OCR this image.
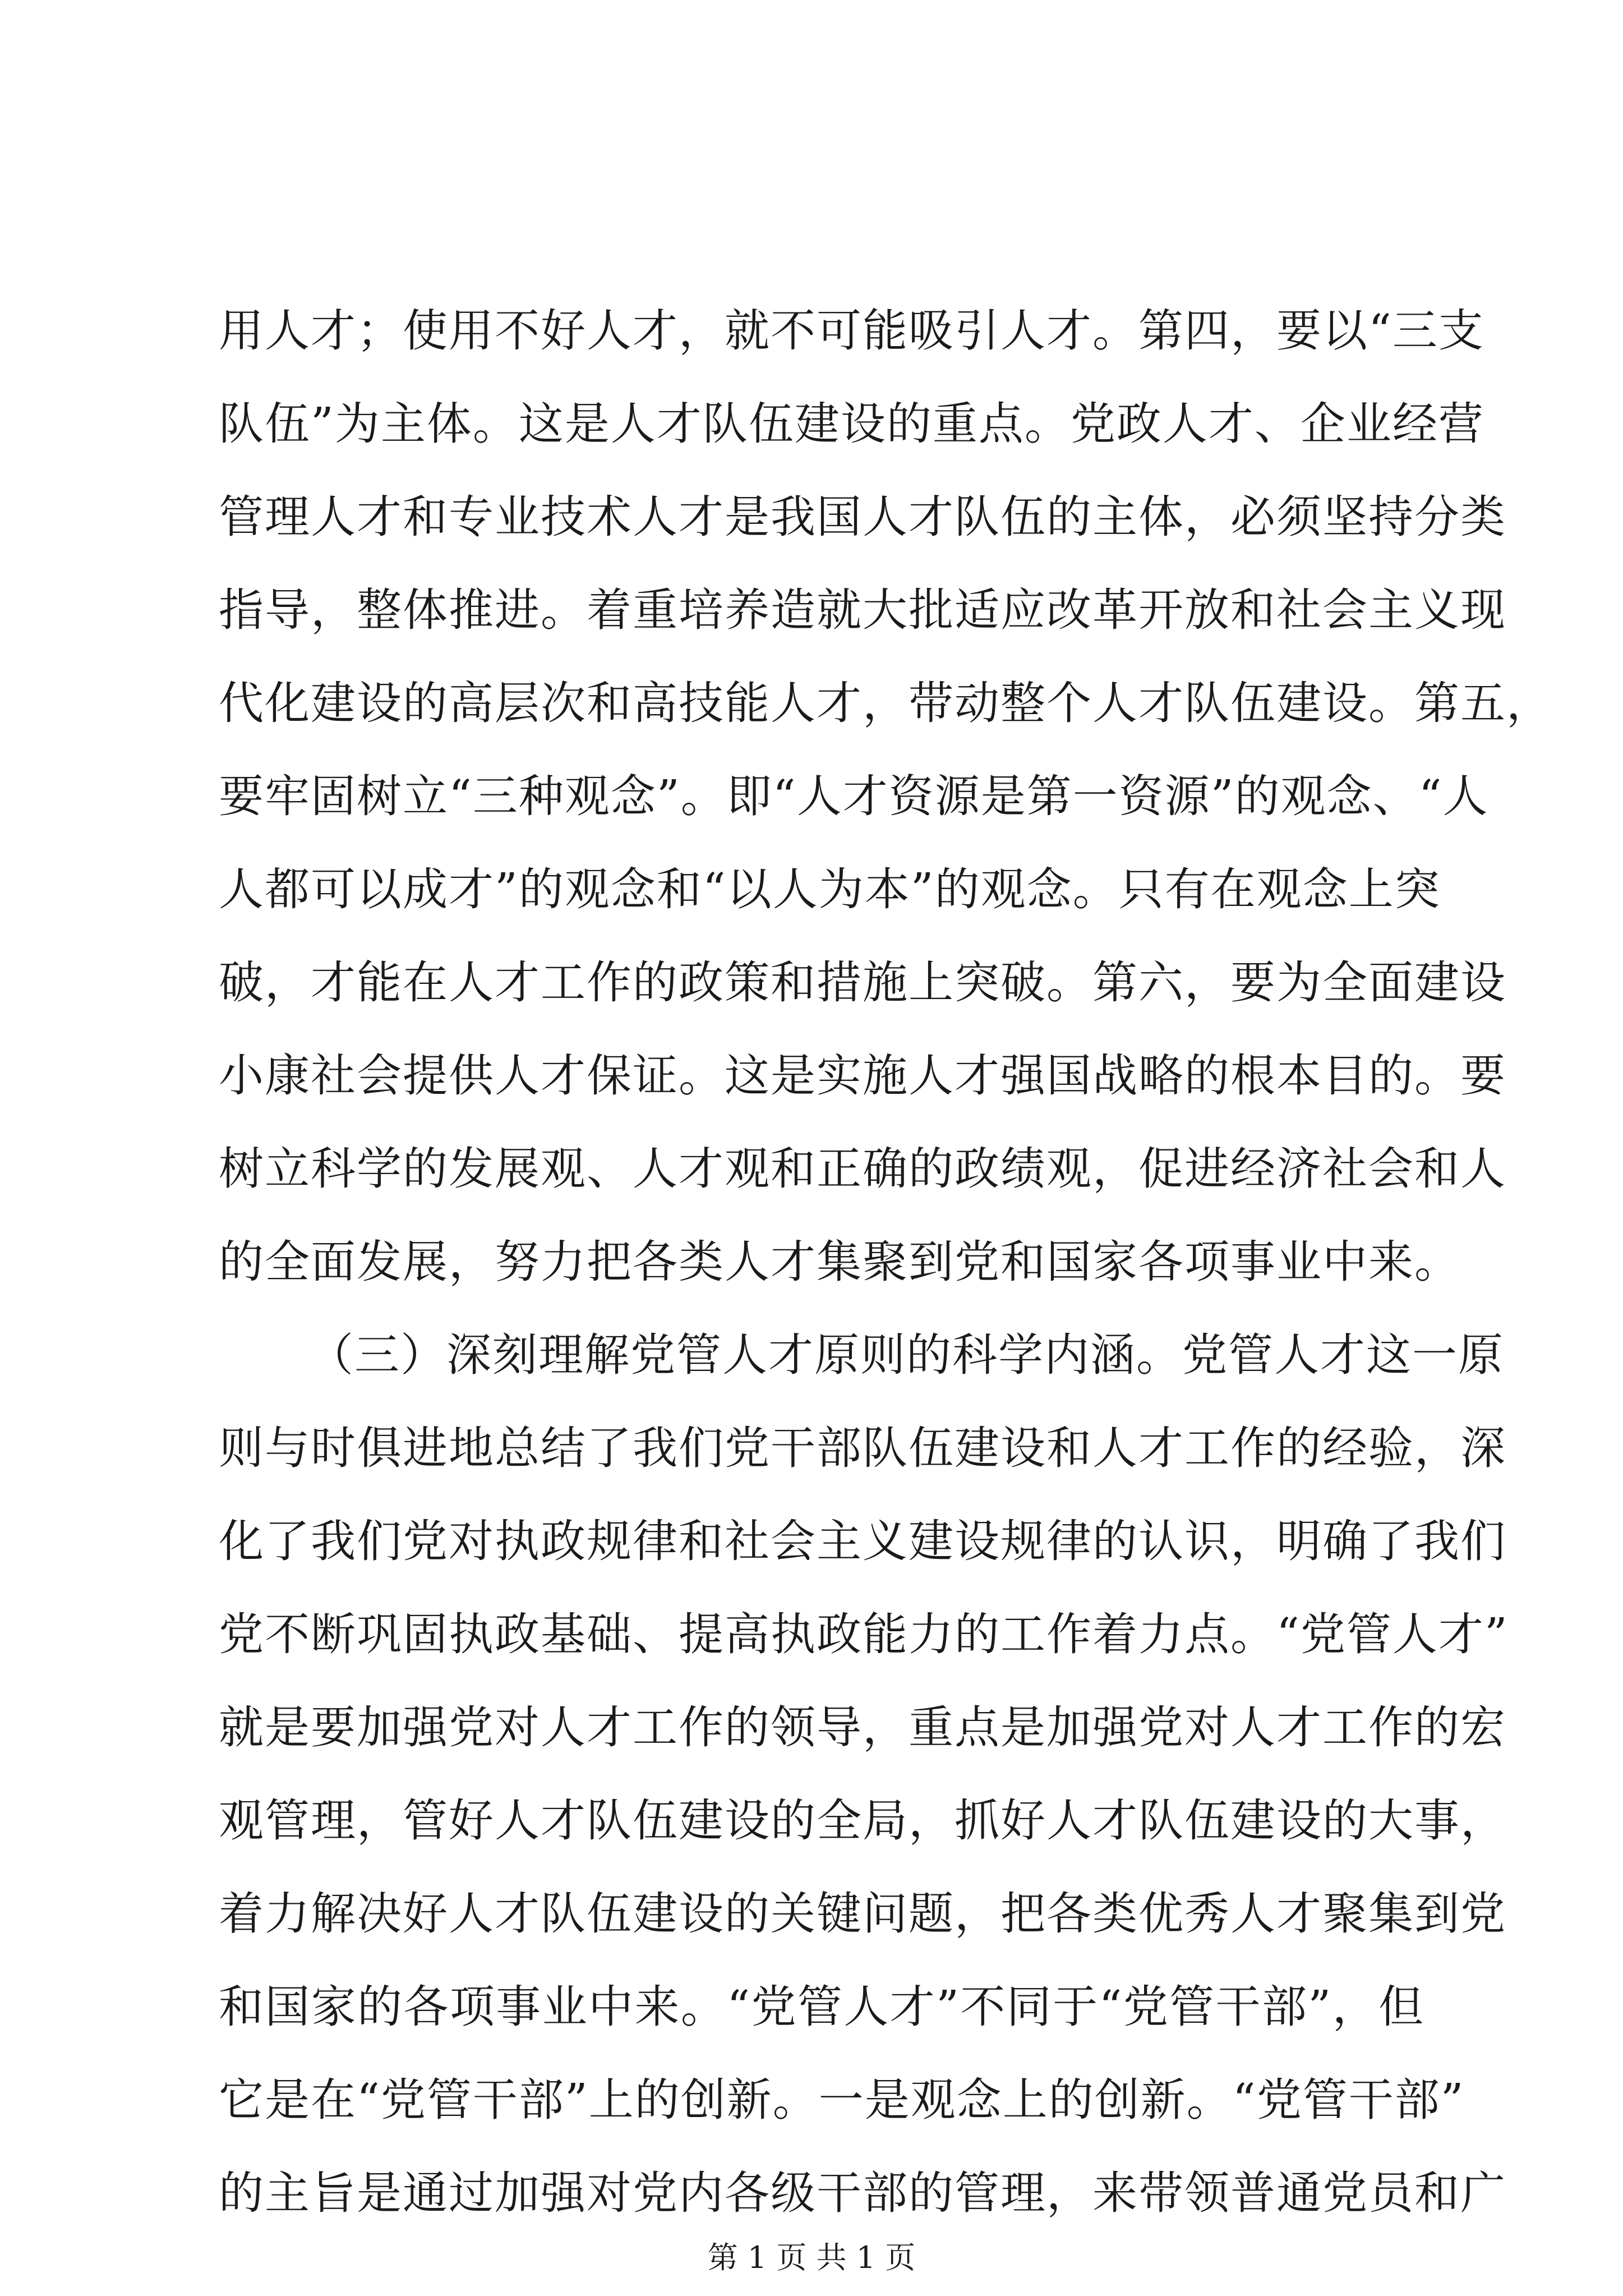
用人才；使用不好人才，就不可能吸引人才。第四，要以“三支
队伍”为主体。这是人才队伍建设的重点。党政人才、企业经营
管理人才和专业技术人才是我国人才队伍的主体，必须坚持分类
指导，整体推进。着重培养造就大批适应改革开放和社会主义现
代化建设的高层次和高技能人才，带动整个人才队伍建设。第五，
要牢固树立“三种观念”。即“人才资源是第一资源”的观念、“人
人都可以成才”的观念和“以人为本”的观念。只有在观念上突
破，才能在人才工作的政策和措施上突破。第六，要为全面建设
小康社会提供人才保证。这是实施人才强国战略的根本目的。要
树立科学的发展观、人才观和正确的政绩观，促进经济社会和人
的全面发展，努力把各类人才集聚到党和国家各项事业中来。
（三）深刻理解党管人才原则的科学内涵。党管人才这一原
则与时俱进地总结了我们党干部队伍建设和人才工作的经验，深
化了我们党对执政规律和社会主义建设规律的认识，明确了我们
党不断巩固执政基础、提高执政能力的工作着力点。“党管人才”
就是要加强党对人才工作的领导，重点是加强党对人才工作的宏
观管理，管好人才队伍建设的全局，抓好人才队伍建设的大事，
着力解决好人才队伍建设的关键问题，把各类优秀人才聚集到党
和国家的各项事业中来。“党管人才”不同于“党管干部”，但
它是在“党管干部”上的创新。一是观念上的创新。“党管干部”
的主旨是通过加强对党内各级干部的管理，来带领普通党员和广
第 1 页 共 1 页
